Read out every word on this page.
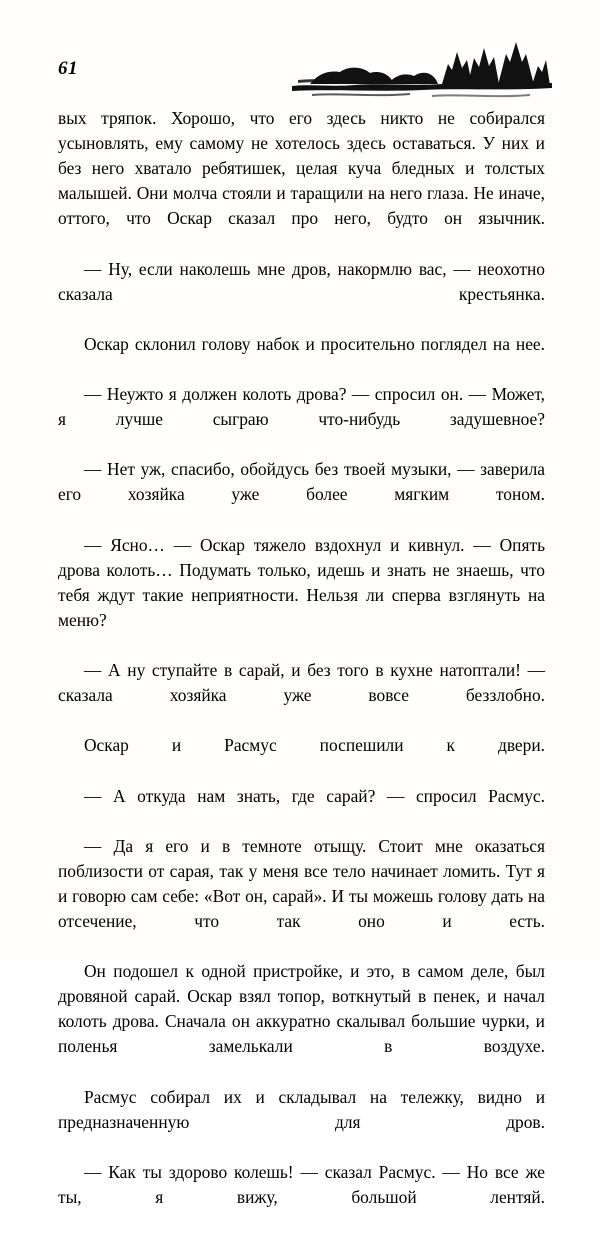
61

вых тряпок. Хорошо, что его здесь никто не собирался усыновлять, ему самому не хотелось здесь оставаться. У них и без него хватало ребятишек, целая куча бледных и толстых малышей. Они молча стояли и таращили на него глаза. Не иначе, оттого, что Оскар сказал про него, будто он язычник.

— Ну, если наколешь мне дров, накормлю вас, — неохотно сказала крестьянка.

Оскар склонил голову набок и просительно поглядел на нее.

— Неужто я должен колоть дрова? — спросил он. — Может, я лучше сыграю что-нибудь задушевное?

— Нет уж, спасибо, обойдусь без твоей музыки, — заверила его хозяйка уже более мягким тоном.

— Ясно… — Оскар тяжело вздохнул и кивнул. — Опять дрова колоть… Подумать только, идешь и знать не знаешь, что тебя ждут такие неприятности. Нельзя ли сперва взглянуть на меню?

— А ну ступайте в сарай, и без того в кухне натоптали! — сказала хозяйка уже вовсе беззлобно.

Оскар и Расмус поспешили к двери.

— А откуда нам знать, где сарай? — спросил Расмус.

— Да я его и в темноте отыщу. Стоит мне оказаться поблизости от сарая, так у меня все тело начинает ломить. Тут я и говорю сам себе: «Вот он, сарай». И ты можешь голову дать на отсечение, что так оно и есть.

Он подошел к одной пристройке, и это, в самом деле, был дровяной сарай. Оскар взял топор, воткнутый в пенек, и начал колоть дрова. Сначала он аккуратно скалывал большие чурки, и поленья замелькали в воздухе.

Расмус собирал их и складывал на тележку, видно и предназначенную для дров.

— Как ты здорово колешь! — сказал Расмус. — Но все же ты, я вижу, большой лентяй.
